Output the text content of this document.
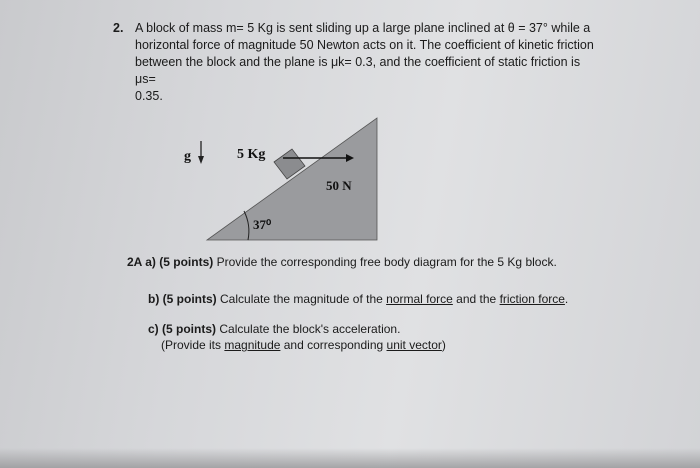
2. A block of mass m= 5 Kg is sent sliding up a large plane inclined at θ = 37° while a
horizontal force of magnitude 50 Newton acts on it. The coefficient of kinetic friction
between the block and the plane is μk= 0.3, and the coefficient of static friction is μs=
0.35.
g	5 Kg
50 N
37⁰
2A a) (5 points) Provide the corresponding free body diagram for the 5 Kg block.
b) (5 points) Calculate the magnitude of the normal force and the friction force.
c) (5 points) Calculate the block's acceleration.
(Provide its magnitude and corresponding unit vector)
